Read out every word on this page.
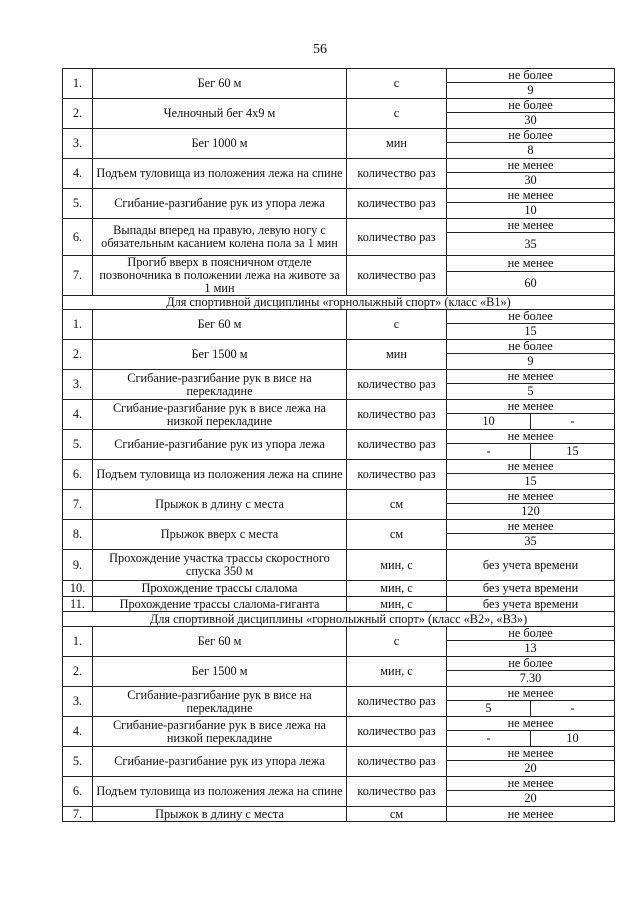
56
1.	Бег 60 м	с	не более	
			9	
2.	Челночный бег 4x9 м	с	не более	
			30	
3.	Бег 1000 м	мин	не более	
			8	
4.	Подъем туловища из положения лежа на спине	количество раз	не менее	
			30	
5.	Сгибание-разгибание рук из упора лежа	количество раз	не менее	
			10	
6.	Выпады вперед на правую, левую ногу с обязательным касанием колена пола за 1 мин	количество раз	не менее	
			35	
7.	Прогиб вверх в поясничном отделе позвоночника в положении лежа на животе за 1 мин	количество раз	не менее	
			60	
Для спортивной дисциплины «горнолыжный спорт» (класс «В1»)				
1.	Бег 60 м	с	не более	
			15	
2.	Бег 1500 м	мин	не более	
			9	
3.	Сгибание-разгибание рук в висе на перекладине	количество раз	не менее	
			5	
4.	Сгибание-разгибание рук в висе лежа на низкой перекладине	количество раз	не менее	
			10	-
5.	Сгибание-разгибание рук из упора лежа	количество раз	не менее	
			-	15
6.	Подъем туловища из положения лежа на спине	количество раз	не менее	
			15	
7.	Прыжок в длину с места	см	не менее	
			120	
8.	Прыжок вверх с места	см	не менее	
			35	
9.	Прохождение участка трассы скоростного спуска 350 м	мин, с	без учета времени	
10.	Прохождение трассы слалома	мин, с	без учета времени	
11.	Прохождение трассы слалома-гиганта	мин, с	без учета времени	
Для спортивной дисциплины «горнолыжный спорт» (класс «В2», «В3»)				
1.	Бег 60 м	с	не более	
			13	
2.	Бег 1500 м	мин, с	не более	
			7.30	
3.	Сгибание-разгибание рук в висе на перекладине	количество раз	не менее	
			5	-
4.	Сгибание-разгибание рук в висе лежа на низкой перекладине	количество раз	не менее	
			-	10
5.	Сгибание-разгибание рук из упора лежа	количество раз	не менее	
			20	
6.	Подъем туловища из положения лежа на спине	количество раз	не менее	
			20	
7.	Прыжок в длину с места	см	не менее	
